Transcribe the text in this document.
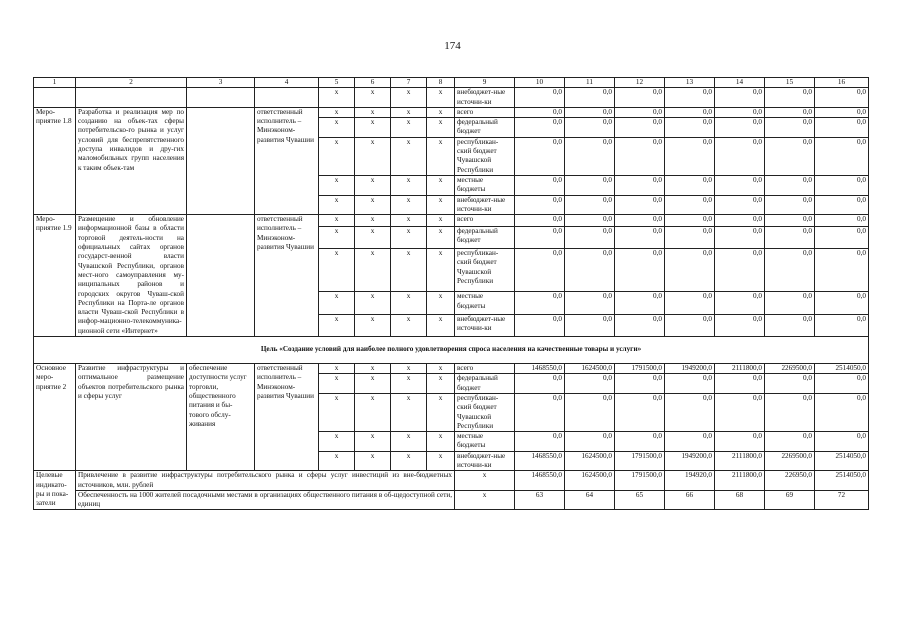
174
1	2	3	4	5	6	7	8	9	10	11	12	13	14	15	16
				x	x	x	x	внебюджет-ные источни-ки	0,0	0,0	0,0	0,0	0,0	0,0	0,0
Меро-приятие 1.8	Разработка и реализация мер по созданию на объек-тах сферы потребительско-го рынка и услуг условий для беспрепятственного доступа инвалидов и дру-гих маломобильных групп населения к таким объек-там		ответственный исполнитель – Минэконом-развития Чувашии	x	x	x	x	всего	0,0	0,0	0,0	0,0	0,0	0,0	0,0
				x	x	x	x	федеральный бюджет	0,0	0,0	0,0	0,0	0,0	0,0	0,0
				x	x	x	x	республикан-ский бюджет Чувашской Республики	0,0	0,0	0,0	0,0	0,0	0,0	0,0
				x	x	x	x	местные бюджеты	0,0	0,0	0,0	0,0	0,0	0,0	0,0
				x	x	x	x	внебюджет-ные источни-ки	0,0	0,0	0,0	0,0	0,0	0,0	0,0
Меро-приятие 1.9	Размещение и обновление информационной базы в области торговой деятель-ности на официальных сайтах органов государст-венной власти Чувашской Республики, органов мест-ного самоуправления му-ниципальных районов и городских округов Чуваш-ской Республики на Порта-ле органов власти Чуваш-ской Республики в инфор-мационно-телекоммуника-ционной сети «Интернет»		ответственный исполнитель – Минэконом-развития Чувашии	x	x	x	x	всего	0,0	0,0	0,0	0,0	0,0	0,0	0,0
				x	x	x	x	федеральный бюджет	0,0	0,0	0,0	0,0	0,0	0,0	0,0
				x	x	x	x	республикан-ский бюджет Чувашской Республики	0,0	0,0	0,0	0,0	0,0	0,0	0,0
				x	x	x	x	местные бюджеты	0,0	0,0	0,0	0,0	0,0	0,0	0,0
				x	x	x	x	внебюджет-ные источни-ки	0,0	0,0	0,0	0,0	0,0	0,0	0,0
Цель «Создание условий для наиболее полного удовлетворения спроса населения на качественные товары и услуги»															
Основное меро-приятие 2	Развитие инфраструктуры и оптимальное размещение объектов потребительского рынка и сферы услуг	обеспечение доступности услуг торговли, общественного питания и бы-тового обслу-живания	ответственный исполнитель – Минэконом-развития Чувашии	x	x	x	x	всего	1468550,0	1624500,0	1791500,0	1949200,0	2111800,0	2269500,0	2514050,0
				x	x	x	x	федеральный бюджет	0,0	0,0	0,0	0,0	0,0	0,0	0,0
				x	x	x	x	республикан-ский бюджет Чувашской Республики	0,0	0,0	0,0	0,0	0,0	0,0	0,0
				x	x	x	x	местные бюджеты	0,0	0,0	0,0	0,0	0,0	0,0	0,0
				x	x	x	x	внебюджет-ные источни-ки	1468550,0	1624500,0	1791500,0	1949200,0	2111800,0	2269500,0	2514050,0
Целевые индикато-ры и пока-затели	Привлечение в развитие инфраструктуры потребительского рынка и сферы услуг инвестиций из вне-бюджетных источников, млн. рублей							x	1468550,0	1624500,0	1791500,0	194920,0	2111800,0	226950,0	2514050,0
	Обеспеченность на 1000 жителей посадочными местами в организациях общественного питания в об-щедоступной сети, единиц							x	63	64	65	66	68	69	72
